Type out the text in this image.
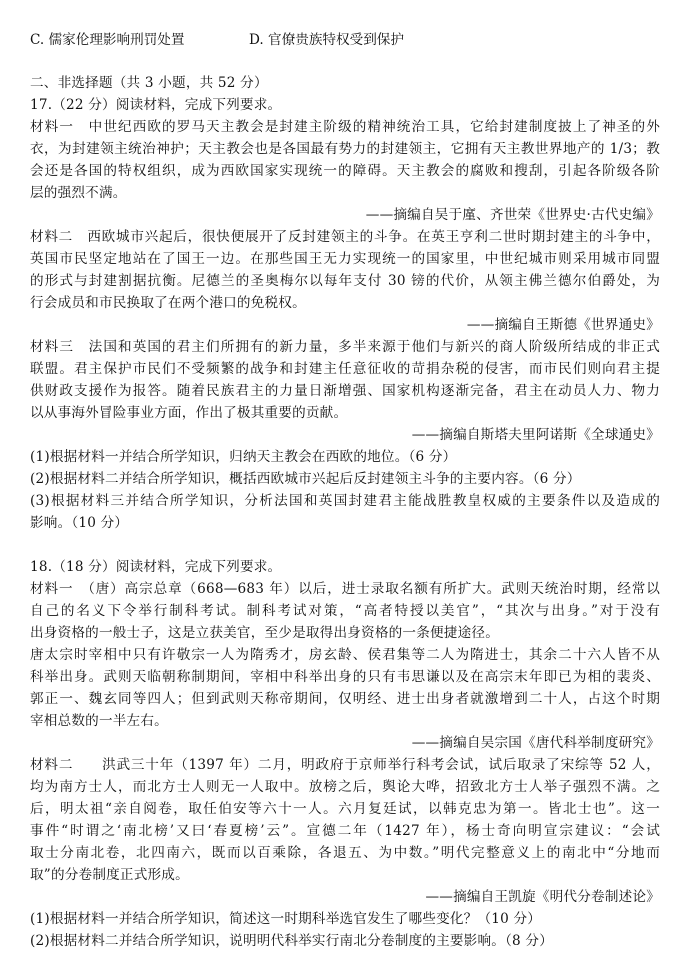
C. 儒家伦理影响刑罚处置	D. 官僚贵族特权受到保护
二、非选择题（共 3 小题，共 52 分）
17.（22 分）阅读材料，完成下列要求。
材料一　中世纪西欧的罗马天主教会是封建主阶级的精神统治工具，它给封建制度披上了神圣的外
衣，为封建领主统治神护；天主教会也是各国最有势力的封建领主，它拥有天主教世界地产的 1/3；教
会还是各国的特权组织，成为西欧国家实现统一的障碍。天主教会的腐败和搜刮，引起各阶级各阶
层的强烈不满。
——摘编自吴于廑、齐世荣《世界史·古代史编》
材料二　西欧城市兴起后，很快便展开了反封建领主的斗争。在英王亨利二世时期封建主的斗争中，
英国市民坚定地站在了国王一边。在那些国王无力实现统一的国家里，中世纪城市则采用城市同盟
的形式与封建割据抗衡。尼德兰的圣奥梅尔以每年支付 30 镑的代价，从领主佛兰德尔伯爵处，为
行会成员和市民换取了在两个港口的免税权。
——摘编自王斯德《世界通史》
材料三　法国和英国的君主们所拥有的新力量，多半来源于他们与新兴的商人阶级所结成的非正式
联盟。君主保护市民们不受频繁的战争和封建主任意征收的苛捐杂税的侵害，而市民们则向君主提
供财政支援作为报答。随着民族君主的力量日渐增强、国家机构逐渐完备，君主在动员人力、物力
以从事海外冒险事业方面，作出了极其重要的贡献。
——摘编自斯塔夫里阿诺斯《全球通史》
(1)根据材料一并结合所学知识，归纳天主教会在西欧的地位。（6 分）
(2)根据材料二并结合所学知识，概括西欧城市兴起后反封建领主斗争的主要内容。（6 分）
(3)根据材料三并结合所学知识，分析法国和英国封建君主能战胜教皇权威的主要条件以及造成的
影响。（10 分）
18.（18 分）阅读材料，完成下列要求。
材料一　（唐）高宗总章（668—683 年）以后，进士录取名额有所扩大。武则天统治时期，经常以
自己的名义下令举行制科考试。制科考试对策，“高者特授以美官”，“其次与出身。”对于没有
出身资格的一般士子，这是立获美官，至少是取得出身资格的一条便捷途径。
唐太宗时宰相中只有许敬宗一人为隋秀才，房玄龄、侯君集等二人为隋进士，其余二十六人皆不从
科举出身。武则天临朝称制期间，宰相中科举出身的只有韦思谦以及在高宗末年即已为相的裴炎、
郭正一、魏玄同等四人；但到武则天称帝期间，仅明经、进士出身者就激增到二十人，占这个时期
宰相总数的一半左右。
——摘编自吴宗国《唐代科举制度研究》
材料二　　洪武三十年（1397 年）二月，明政府于京师举行科考会试，试后取录了宋综等 52 人，
均为南方士人，而北方士人则无一人取中。放榜之后，舆论大哗，招致北方士人举子强烈不满。之
后，明太祖“亲自阅卷，取任伯安等六十一人。六月复廷试，以韩克忠为第一。皆北士也”。这一
事件“时谓之‘南北榜’又曰‘春夏榜’云”。宣德二年（1427 年），杨士奇向明宣宗建议：“会试
取士分南北卷，北四南六，既而以百乘除，各退五、为中数。”明代完整意义上的南北中“分地而
取”的分卷制度正式形成。
——摘编自王凯旋《明代分卷制述论》
(1)根据材料一并结合所学知识，简述这一时期科举选官发生了哪些变化？（10 分）
(2)根据材料二并结合所学知识，说明明代科举实行南北分卷制度的主要影响。（8 分）
